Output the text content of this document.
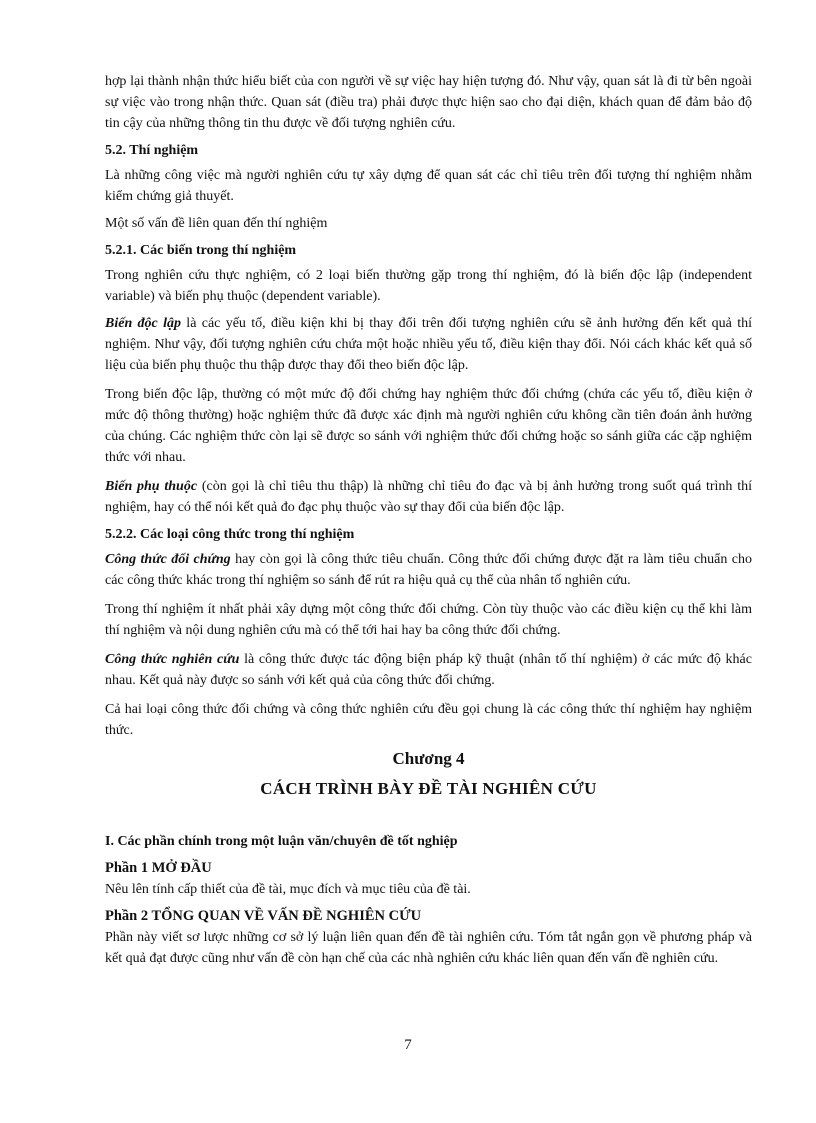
hợp lại thành nhận thức hiểu biết của con người về sự việc hay hiện tượng đó. Như vậy, quan sát là đi từ bên ngoài sự việc vào trong nhận thức. Quan sát (điều tra) phải được thực hiện sao cho đại diện, khách quan để đảm bảo độ tin cậy của những thông tin thu được về đối tượng nghiên cứu.

5.2. Thí nghiệm

Là những công việc mà người nghiên cứu tự xây dựng để quan sát các chỉ tiêu trên đối tượng thí nghiệm nhằm kiểm chứng giả thuyết.

Một số vấn đề liên quan đến thí nghiệm

5.2.1. Các biến trong thí nghiệm

Trong nghiên cứu thực nghiệm, có 2 loại biến thường gặp trong thí nghiệm, đó là biến độc lập (independent variable) và biến phụ thuộc (dependent variable).

Biến độc lập là các yếu tố, điều kiện khi bị thay đổi trên đối tượng nghiên cứu sẽ ảnh hưởng đến kết quả thí nghiệm. Như vậy, đối tượng nghiên cứu chứa một hoặc nhiều yếu tố, điều kiện thay đổi. Nói cách khác kết quả số liệu của biến phụ thuộc thu thập được thay đổi theo biến độc lập.

Trong biến độc lập, thường có một mức độ đối chứng hay nghiệm thức đối chứng (chứa các yếu tố, điều kiện ở mức độ thông thường) hoặc nghiệm thức đã được xác định mà người nghiên cứu không cần tiên đoán ảnh hưởng của chúng. Các nghiệm thức còn lại sẽ được so sánh với nghiệm thức đối chứng hoặc so sánh giữa các cặp nghiệm thức với nhau.

Biến phụ thuộc (còn gọi là chỉ tiêu thu thập) là những chỉ tiêu đo đạc và bị ảnh hưởng trong suốt quá trình thí nghiệm, hay có thể nói kết quả đo đạc phụ thuộc vào sự thay đổi của biến độc lập.

5.2.2. Các loại công thức trong thí nghiệm

Công thức đối chứng hay còn gọi là công thức tiêu chuẩn. Công thức đối chứng được đặt ra làm tiêu chuẩn cho các công thức khác trong thí nghiệm so sánh để rút ra hiệu quả cụ thể của nhân tố nghiên cứu.

Trong thí nghiệm ít nhất phải xây dựng một công thức đối chứng. Còn tùy thuộc vào các điều kiện cụ thể khi làm thí nghiệm và nội dung nghiên cứu mà có thể tới hai hay ba công thức đối chứng.

Công thức nghiên cứu là công thức được tác động biện pháp kỹ thuật (nhân tố thí nghiệm) ở các mức độ khác nhau. Kết quả này được so sánh với kết quả của công thức đối chứng.

Cả hai loại công thức đối chứng và công thức nghiên cứu đều gọi chung là các công thức thí nghiệm hay nghiệm thức.

Chương 4
CÁCH TRÌNH BÀY ĐỀ TÀI NGHIÊN CỨU
I. Các phần chính trong một luận văn/chuyên đề tốt nghiệp
Phần 1 MỞ ĐẦU

Nêu lên tính cấp thiết của đề tài, mục đích và mục tiêu của đề tài.

Phần 2 TỔNG QUAN VỀ VẤN ĐỀ NGHIÊN CỨU

Phần này viết sơ lược những cơ sở lý luận liên quan đến đề tài nghiên cứu. Tóm tắt ngắn gọn về phương pháp và kết quả đạt được cũng như vấn đề còn hạn chế của các nhà nghiên cứu khác liên quan đến vấn đề nghiên cứu.

7
